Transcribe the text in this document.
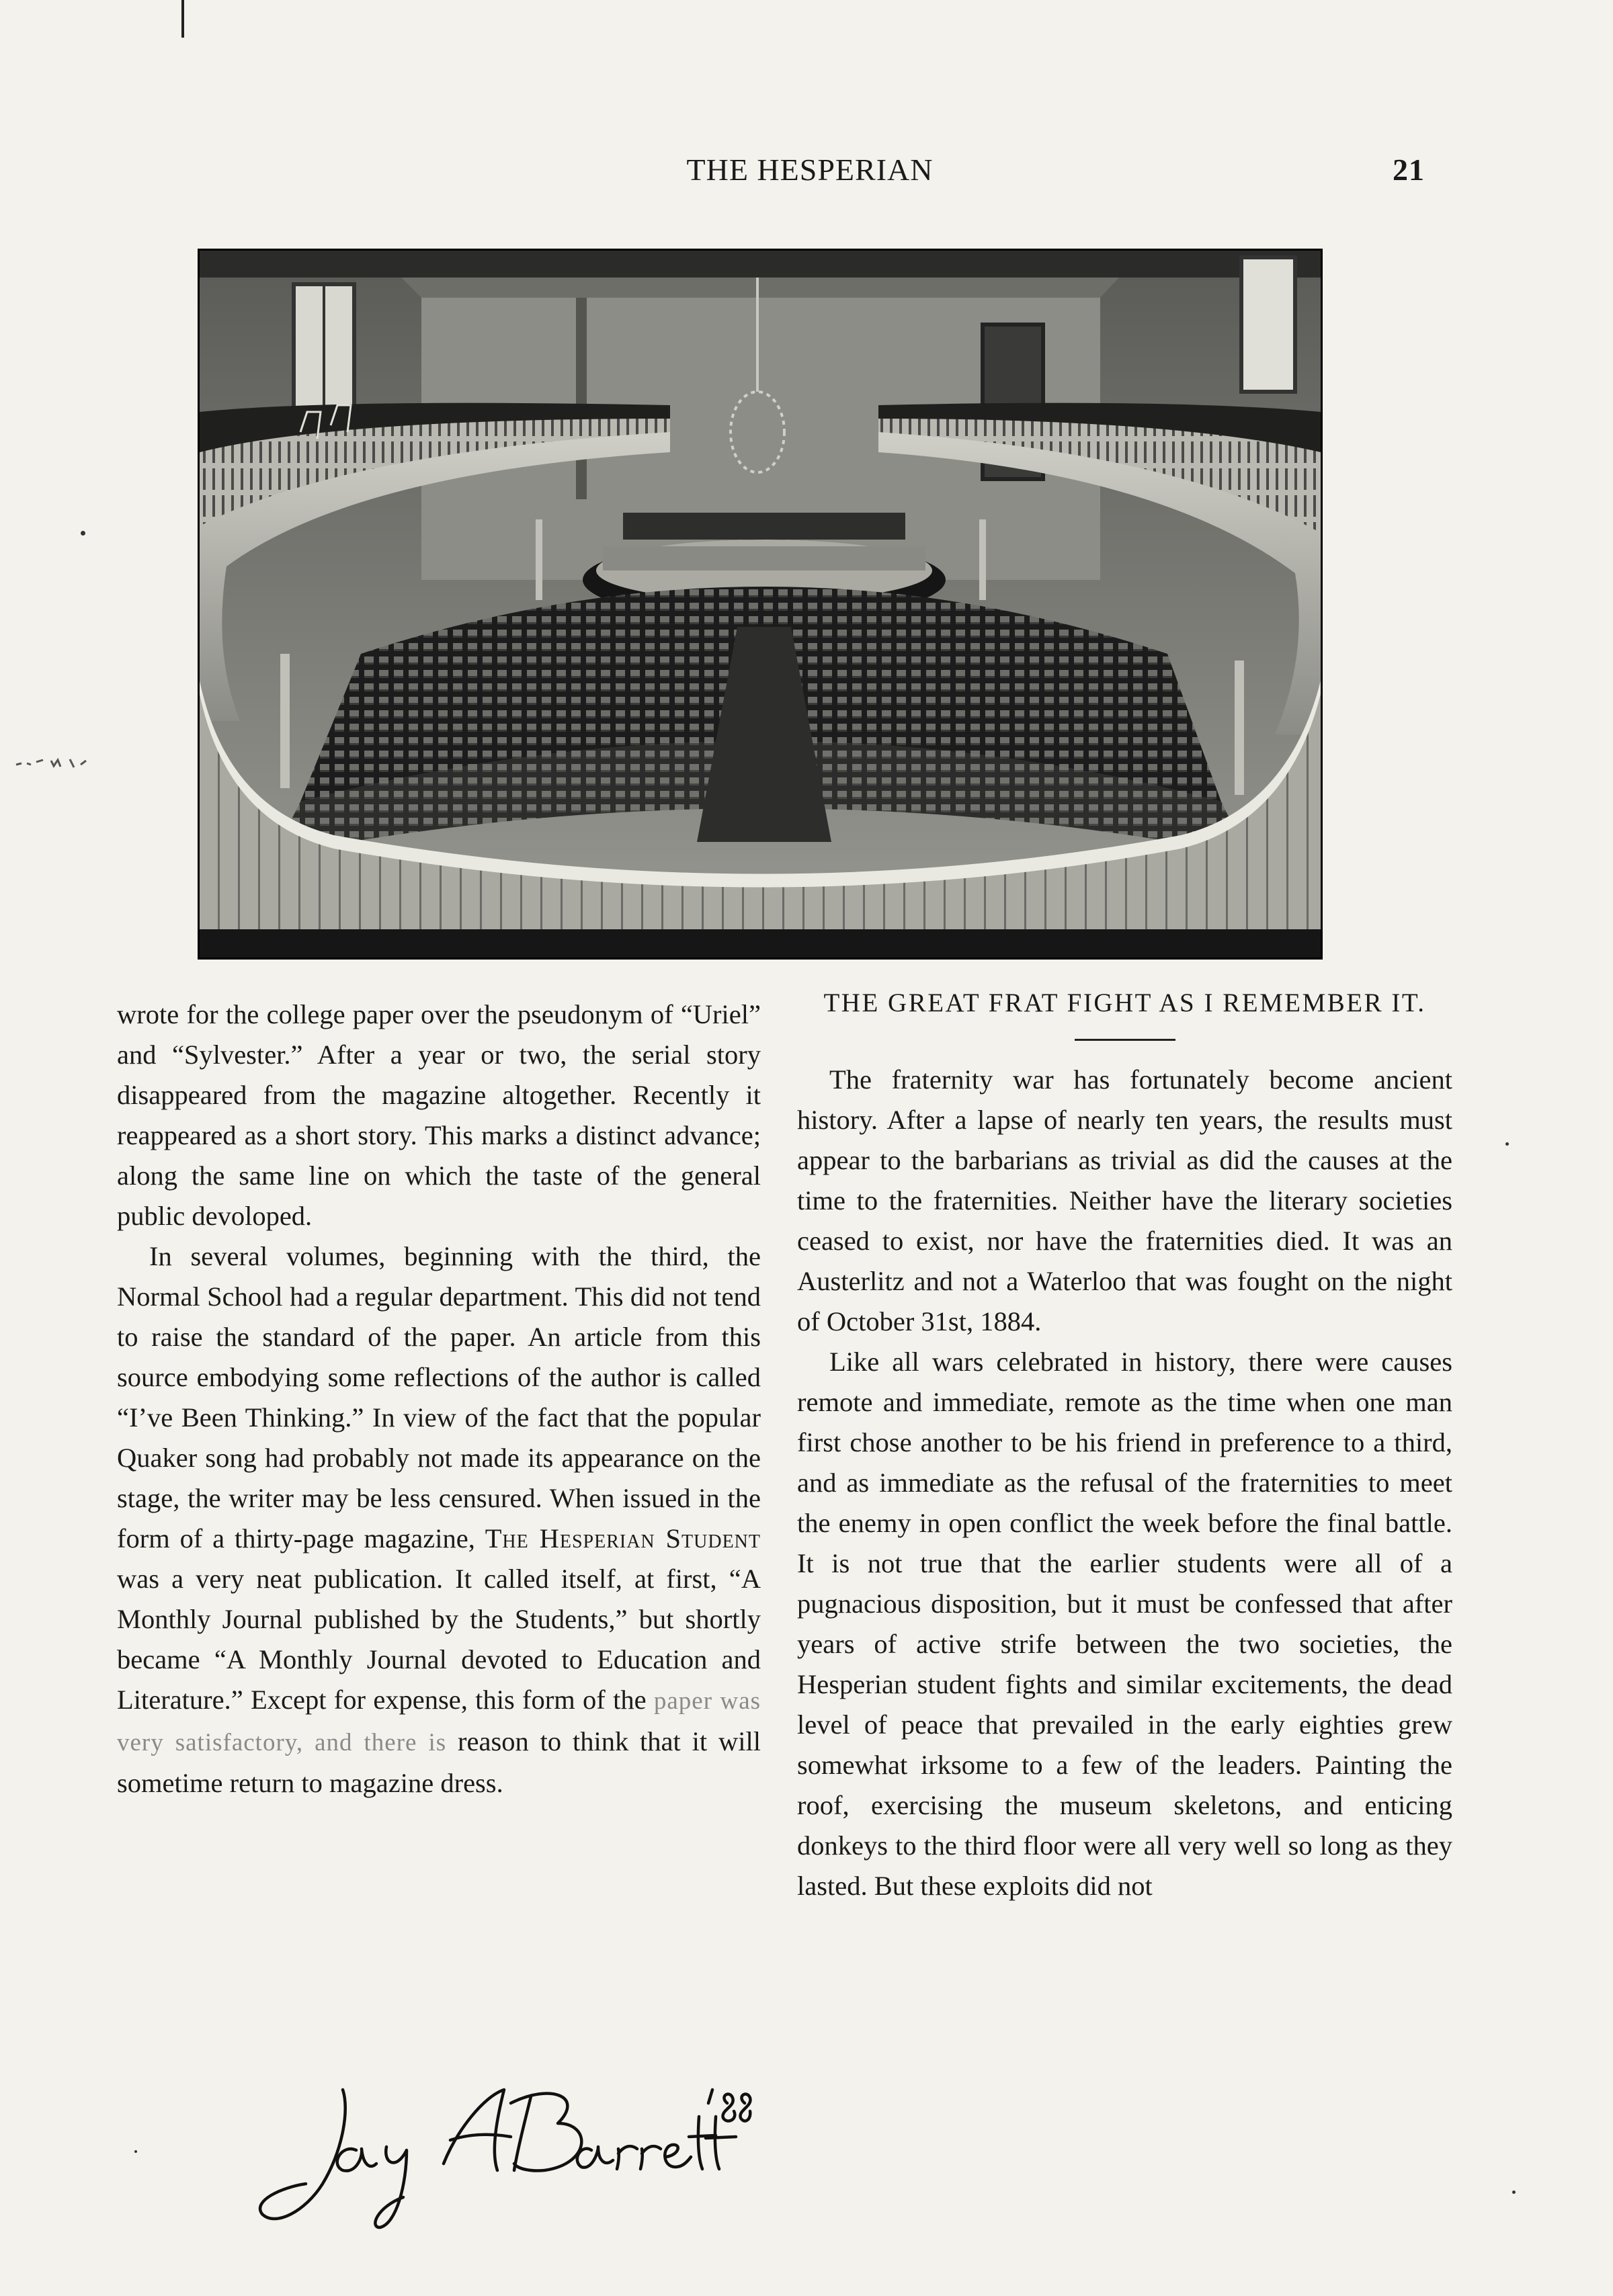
THE HESPERIAN	21

wrote for the college paper over the pseudonym of “Uriel” and “Sylvester.” After a year or two, the serial story disappeared from the magazine altogether. Recently it reappeared as a short story. This marks a distinct advance; along the same line on which the taste of the general public devoloped.

In several volumes, beginning with the third, the Normal School had a regular department. This did not tend to raise the standard of the paper. An article from this source embodying some reflections of the author is called “I’ve Been Thinking.” In view of the fact that the popular Quaker song had probably not made its appearance on the stage, the writer may be less censured. When issued in the form of a thirty-page magazine, The Hesperian Student was a very neat publication. It called itself, at first, “A Monthly Journal published by the Students,” but shortly became “A Monthly Journal devoted to Education and Literature.” Except for expense, this form of the paper was very satisfactory, and there is reason to think that it will sometime return to magazine dress.

Jay A Barrett ’88

THE GREAT FRAT FIGHT AS I REMEMBER IT.

The fraternity war has fortunately become ancient history. After a lapse of nearly ten years, the results must appear to the barbarians as trivial as did the causes at the time to the fraternities. Neither have the literary societies ceased to exist, nor have the fraternities died. It was an Austerlitz and not a Waterloo that was fought on the night of October 31st, 1884.

Like all wars celebrated in history, there were causes remote and immediate, remote as the time when one man first chose another to be his friend in preference to a third, and as immediate as the refusal of the fraternities to meet the enemy in open conflict the week before the final battle. It is not true that the earlier students were all of a pugnacious disposition, but it must be confessed that after years of active strife between the two societies, the Hesperian student fights and similar excitements, the dead level of peace that prevailed in the early eighties grew somewhat irksome to a few of the leaders. Painting the roof, exercising the museum skeletons, and enticing donkeys to the third floor were all very well so long as they lasted. But these exploits did not
